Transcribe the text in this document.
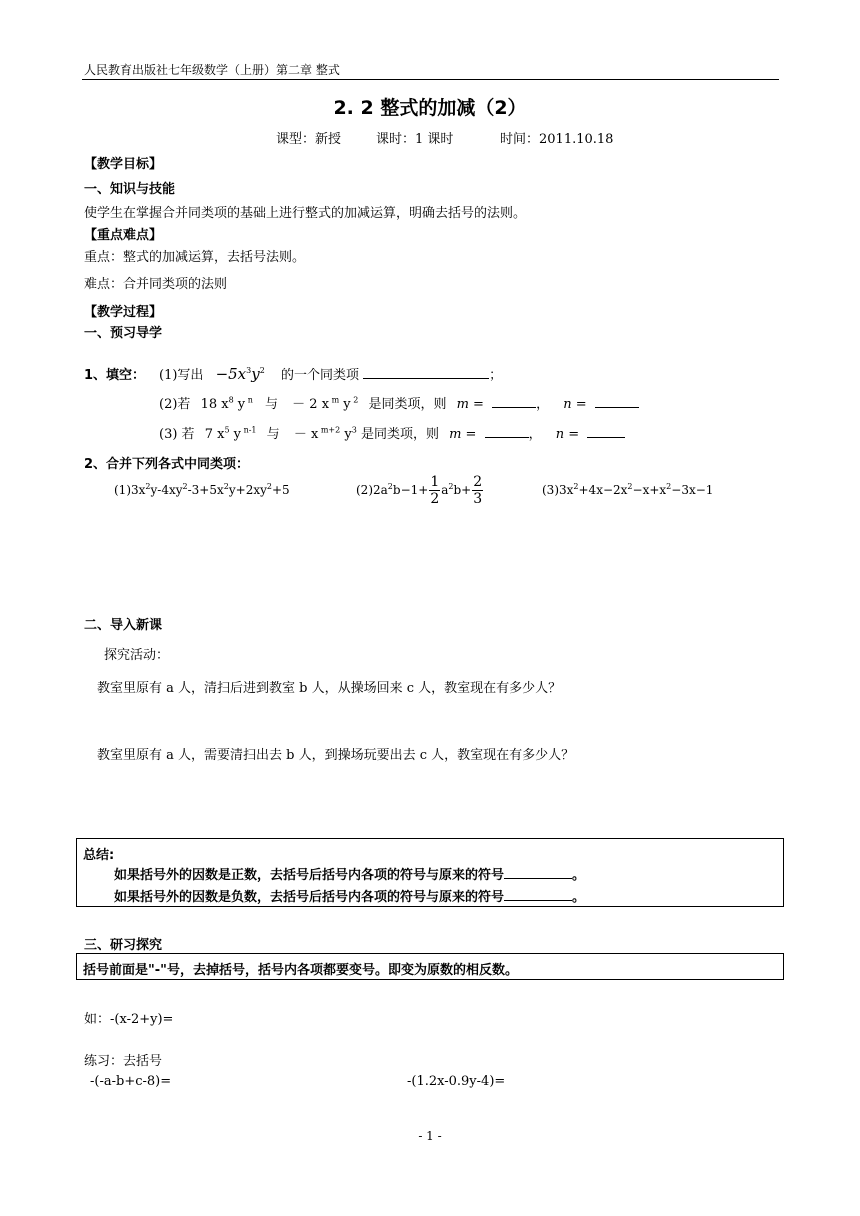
人民教育出版社七年级数学（上册）第二章 整式
2. 2 整式的加减（2）
课型：新授	课时：1 课时	时间：2011.10.18
【教学目标】
一、知识与技能
使学生在掌握合并同类项的基础上进行整式的加减运算，明确去括号的法则。
【重点难点】
重点：整式的加减运算，去括号法则。
难点：合并同类项的法则
【教学过程】
一、预习导学
1、填空： (1)写出 $-5x^3y^2$ 的一个同类项	；
(2)若 18 $x^8$ y $^n$ 与 － 2 x $^m$ y $^2$ 是同类项，则 m =	， n =
(3) 若 7 $x^5$ y $^{n-1}$ 与 － x $^{m+2}$ $y^3$ 是同类项，则 m =	， n =
2、合并下列各式中同类项：
$(1)3x^2y-4xy^2-3+5x^2y+2xy^2+5$	$(2)2a^2b-1+ \frac{1}{2} a^2b+ \frac{2}{3}$	$(3)3x^2+4x-2x^2-x+x^2-3x-1$
二、导入新课
探究活动：
教室里原有 a 人，清扫后进到教室 b 人，从操场回来 c 人，教室现在有多少人？
教室里原有 a 人，需要清扫出去 b 人，到操场玩要出去 c 人，教室现在有多少人？
总结:
如果括号外的因数是正数，去括号后括号内各项的符号与原来的符号	。
如果括号外的因数是负数，去括号后括号内各项的符号与原来的符号	。
三、研习探究
括号前面是"-"号，去掉括号，括号内各项都要变号。即变为原数的相反数。
如：-(x-2+y)=
练习：去括号
-(-a-b+c-8)=	-(1.2x-0.9y-4)=
- 1 -
